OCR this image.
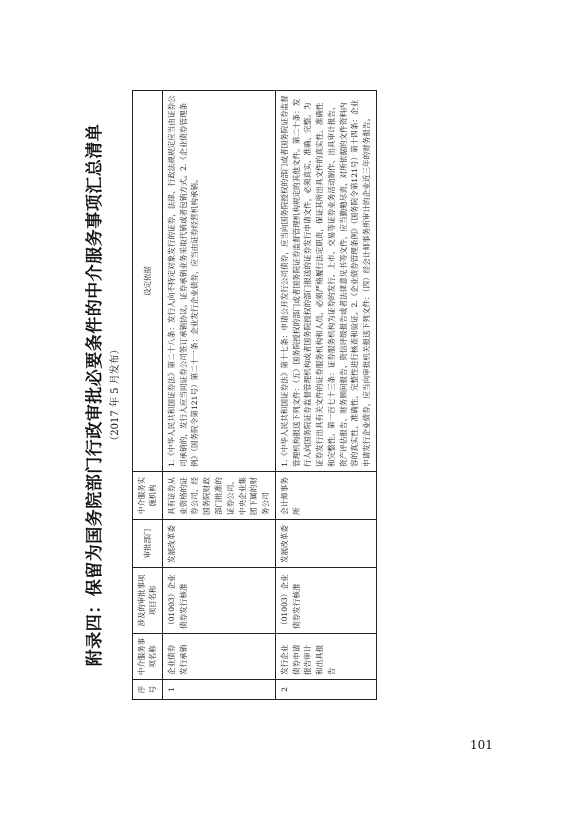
附录四：保留为国务院部门行政审批必要条件的中介服务事项汇总清单 （2017 年 5 月发布）
序号	中介服务事项名称	涉及的审批事项项目名称	审批部门	中介服务实施机构	设定依据
1	企业债券发行承销	（01003）企业债券发行核准	发展改革委	具有证券从业资格的证券公司、经国务院财政部门批准的证券公司、中央企业集团下属的财务公司	1.《中华人民共和国证券法》第二十八条：发行人向不特定对象发行的证券，法律、行政法规规定应当由证券公司承销的，发行人应当同证券公司签订承销协议。证券承销业务采取代销或者包销方式。2.《企业债券管理条例》（国务院令第121号）第二十一条：企业发行企业债券，应当由证券经营机构承销。
2	发行企业债券申请报告审计和出具报告	（01003）企业债券发行核准	发展改革委	会计师事务所	1.《中华人民共和国证券法》第十七条：申请公开发行公司债券，应当向国务院授权的部门或者国务院证券监督管理机构报送下列文件：（五）国务院授权的部门或者国务院证券监督管理机构规定的其他文件。第二十条：发行人向国务院证券监督管理机构或者国务院授权的部门报送的证券发行申请文件，必须真实、准确、完整。为证券发行出具有关文件的证券服务机构和人员，必须严格履行法定职责，保证其所出具文件的真实性、准确性和完整性。第一百七十三条：证券服务机构为证券的发行、上市、交易等证券业务活动制作、出具审计报告、资产评估报告、财务顾问报告、资信评级报告或者法律意见书等文件，应当勤勉尽责，对所依据的文件资料内容的真实性、准确性、完整性进行核查和验证。2.《企业债券管理条例》（国务院令第121号）第十四条：企业申请发行企业债券，应当向审批机关报送下列文件：（四）经会计师事务所审计的企业近三年的财务报告。
101
